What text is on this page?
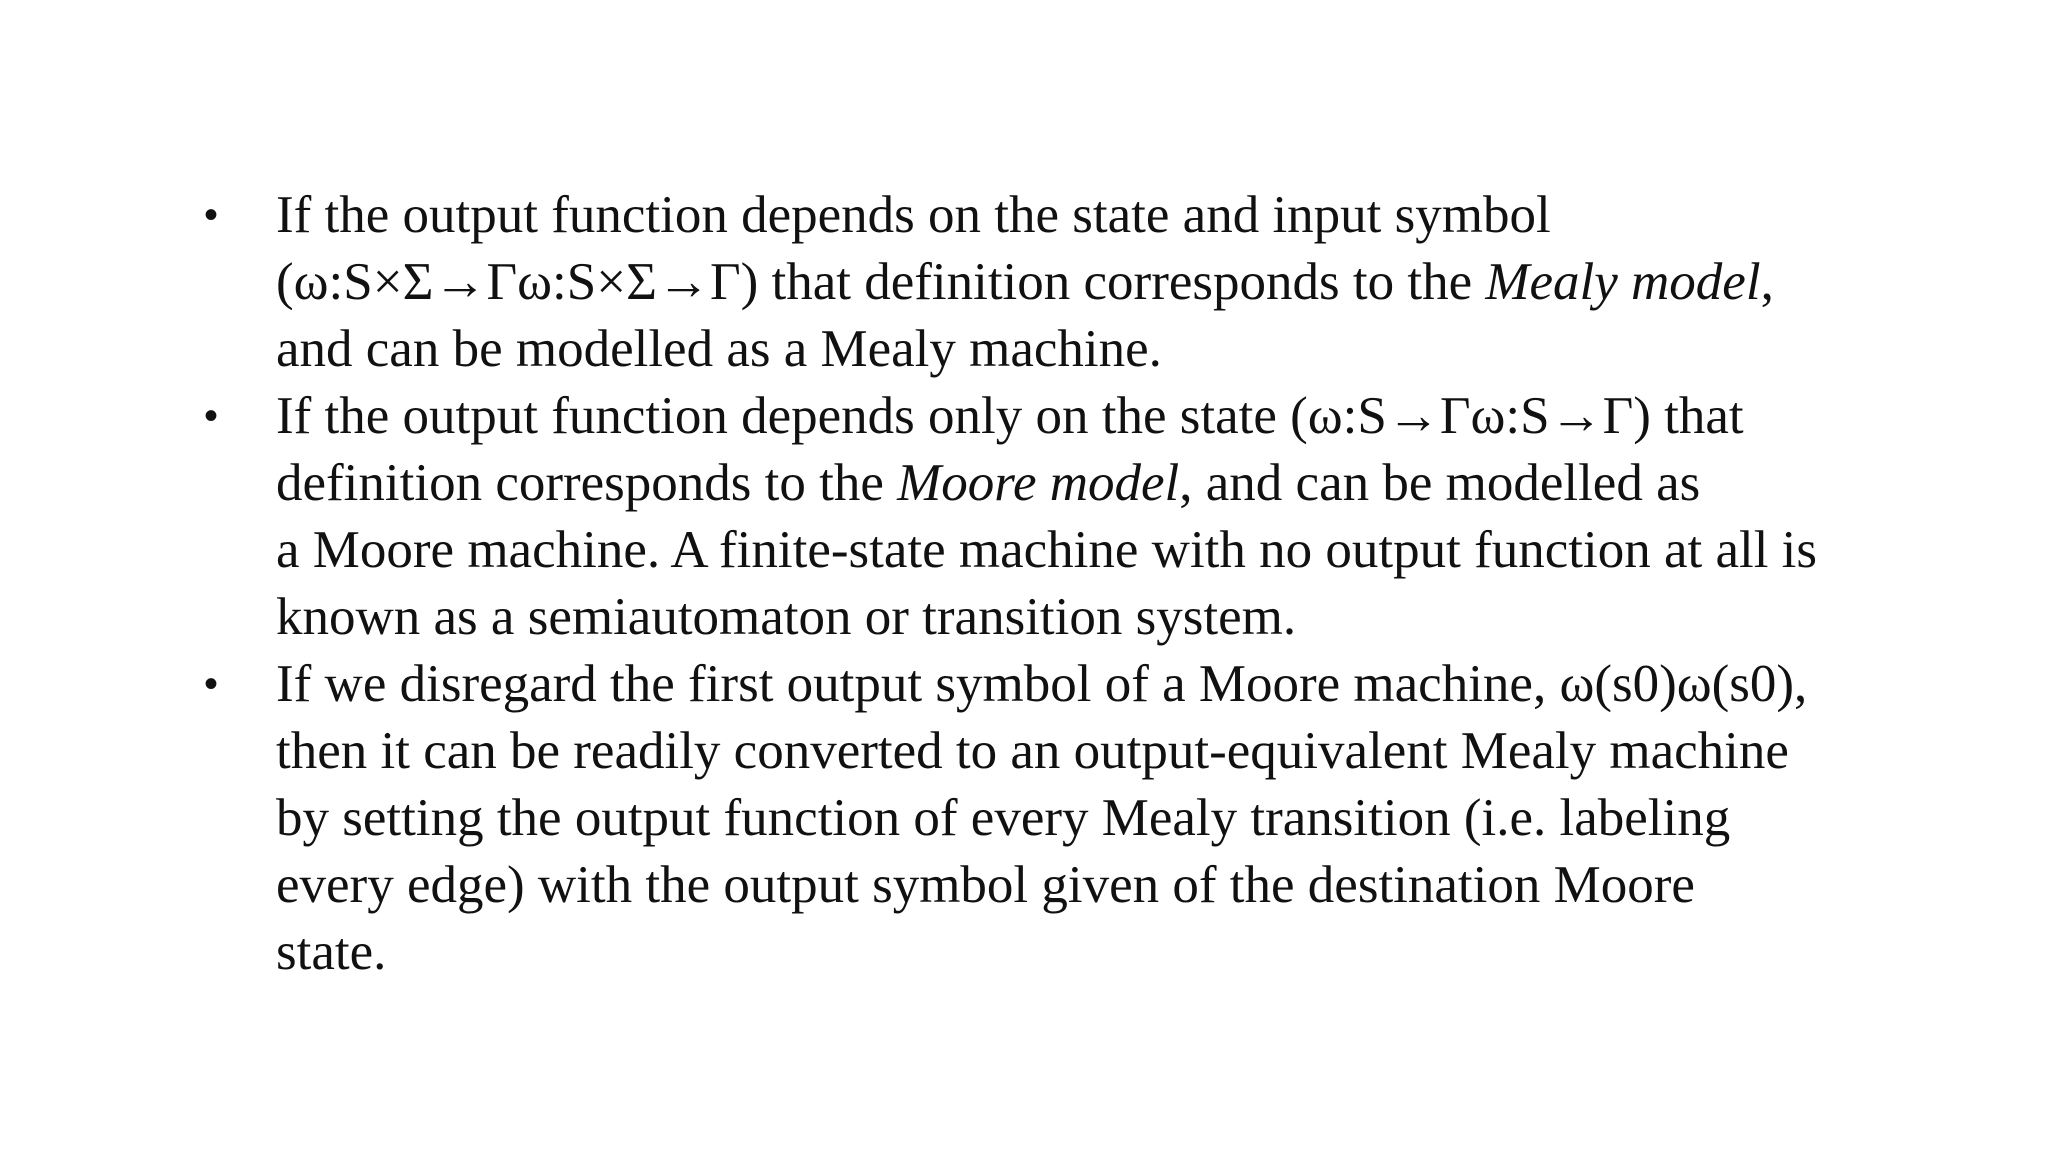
• If the output function depends on the state and input symbol
(ω:S×Σ→Γω:S×Σ→Γ) that definition corresponds to the Mealy model,
and can be modelled as a Mealy machine.
• If the output function depends only on the state (ω:S→Γω:S→Γ) that
definition corresponds to the Moore model, and can be modelled as
a Moore machine. A finite-state machine with no output function at all is
known as a semiautomaton or transition system.
• If we disregard the first output symbol of a Moore machine, ω(s0)ω(s0),
then it can be readily converted to an output-equivalent Mealy machine
by setting the output function of every Mealy transition (i.e. labeling
every edge) with the output symbol given of the destination Moore
state.
